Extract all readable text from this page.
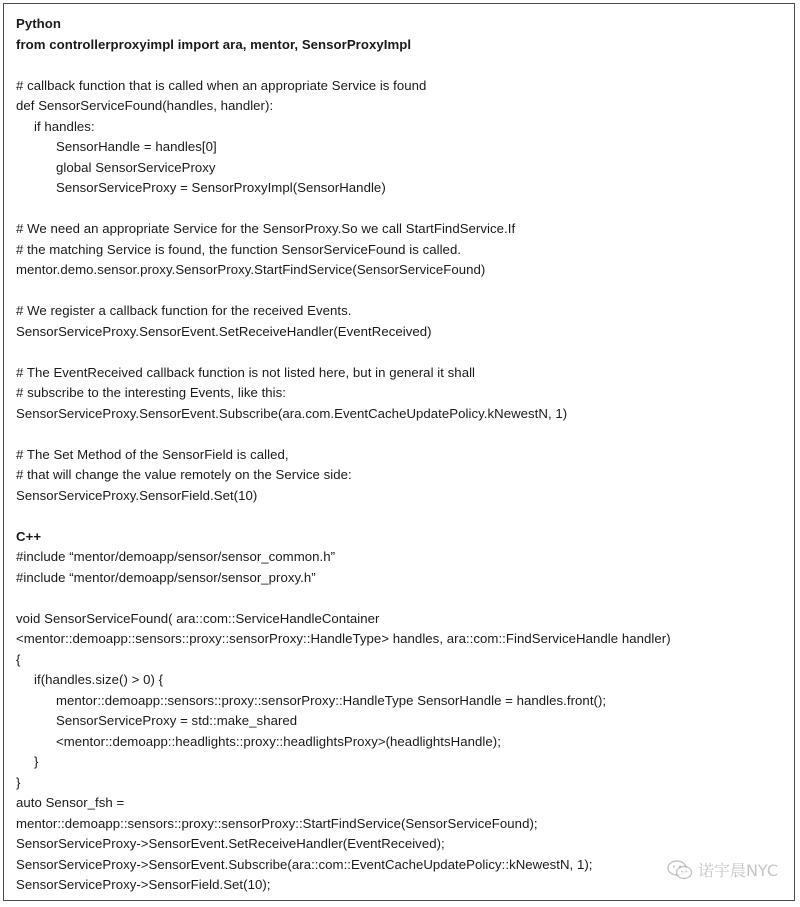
Python
from controllerproxyimpl import ara, mentor, SensorProxyImpl

# callback function that is called when an appropriate Service is found
def SensorServiceFound(handles, handler):
if handles:
SensorHandle = handles[0]
global SensorServiceProxy
SensorServiceProxy = SensorProxyImpl(SensorHandle)

# We need an appropriate Service for the SensorProxy.So we call StartFindService.If
# the matching Service is found, the function SensorServiceFound is called.
mentor.demo.sensor.proxy.SensorProxy.StartFindService(SensorServiceFound)

# We register a callback function for the received Events.
SensorServiceProxy.SensorEvent.SetReceiveHandler(EventReceived)

# The EventReceived callback function is not listed here, but in general it shall
# subscribe to the interesting Events, like this:
SensorServiceProxy.SensorEvent.Subscribe(ara.com.EventCacheUpdatePolicy.kNewestN, 1)

# The Set Method of the SensorField is called,
# that will change the value remotely on the Service side:
SensorServiceProxy.SensorField.Set(10)

C++
#include “mentor/demoapp/sensor/sensor_common.h”
#include “mentor/demoapp/sensor/sensor_proxy.h”

void SensorServiceFound( ara::com::ServiceHandleContainer
<mentor::demoapp::sensors::proxy::sensorProxy::HandleType> handles, ara::com::FindServiceHandle handler)
{
if(handles.size() > 0) {
mentor::demoapp::sensors::proxy::sensorProxy::HandleType SensorHandle = handles.front();
SensorServiceProxy = std::make_shared
<mentor::demoapp::headlights::proxy::headlightsProxy>(headlightsHandle);
}
}
auto Sensor_fsh =
mentor::demoapp::sensors::proxy::sensorProxy::StartFindService(SensorServiceFound);
SensorServiceProxy->SensorEvent.SetReceiveHandler(EventReceived);
SensorServiceProxy->SensorEvent.Subscribe(ara::com::EventCacheUpdatePolicy::kNewestN, 1);
SensorServiceProxy->SensorField.Set(10);
诺宇晨NYC
